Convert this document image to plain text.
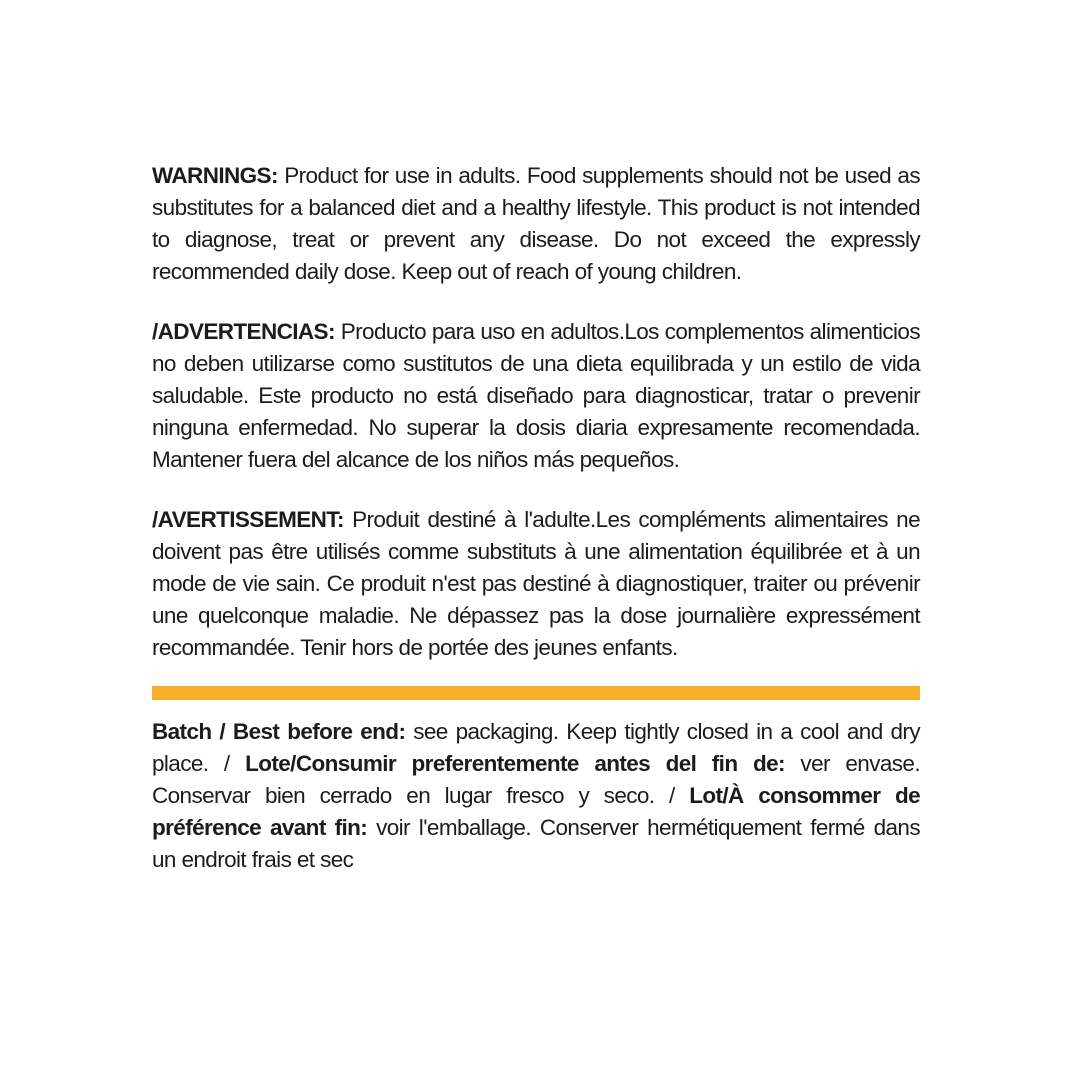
WARNINGS: Product for use in adults. Food supplements should not be used as substitutes for a balanced diet and a healthy lifestyle. This product is not intended to diagnose, treat or prevent any disease. Do not exceed the expressly recommended daily dose. Keep out of reach of young children.

/ADVERTENCIAS: Producto para uso en adultos.Los complementos alimenticios no deben utilizarse como sustitutos de una dieta equilibrada y un estilo de vida saludable. Este producto no está diseñado para diagnosticar, tratar o prevenir ninguna enfermedad. No superar la dosis diaria expresamente recomendada. Mantener fuera del alcance de los niños más pequeños.

/AVERTISSEMENT: Produit destiné à l'adulte.Les compléments alimentaires ne doivent pas être utilisés comme substituts à une alimentation équilibrée et à un mode de vie sain. Ce produit n'est pas destiné à diagnostiquer, traiter ou prévenir une quelconque maladie. Ne dépassez pas la dose journalière expressément recommandée. Tenir hors de portée des jeunes enfants.

Batch / Best before end: see packaging. Keep tightly closed in a cool and dry place. / Lote/Consumir preferentemente antes del fin de: ver envase. Conservar bien cerrado en lugar fresco y seco. / Lot/À consommer de préférence avant fin: voir l'emballage. Conserver hermétiquement fermé dans un endroit frais et sec
